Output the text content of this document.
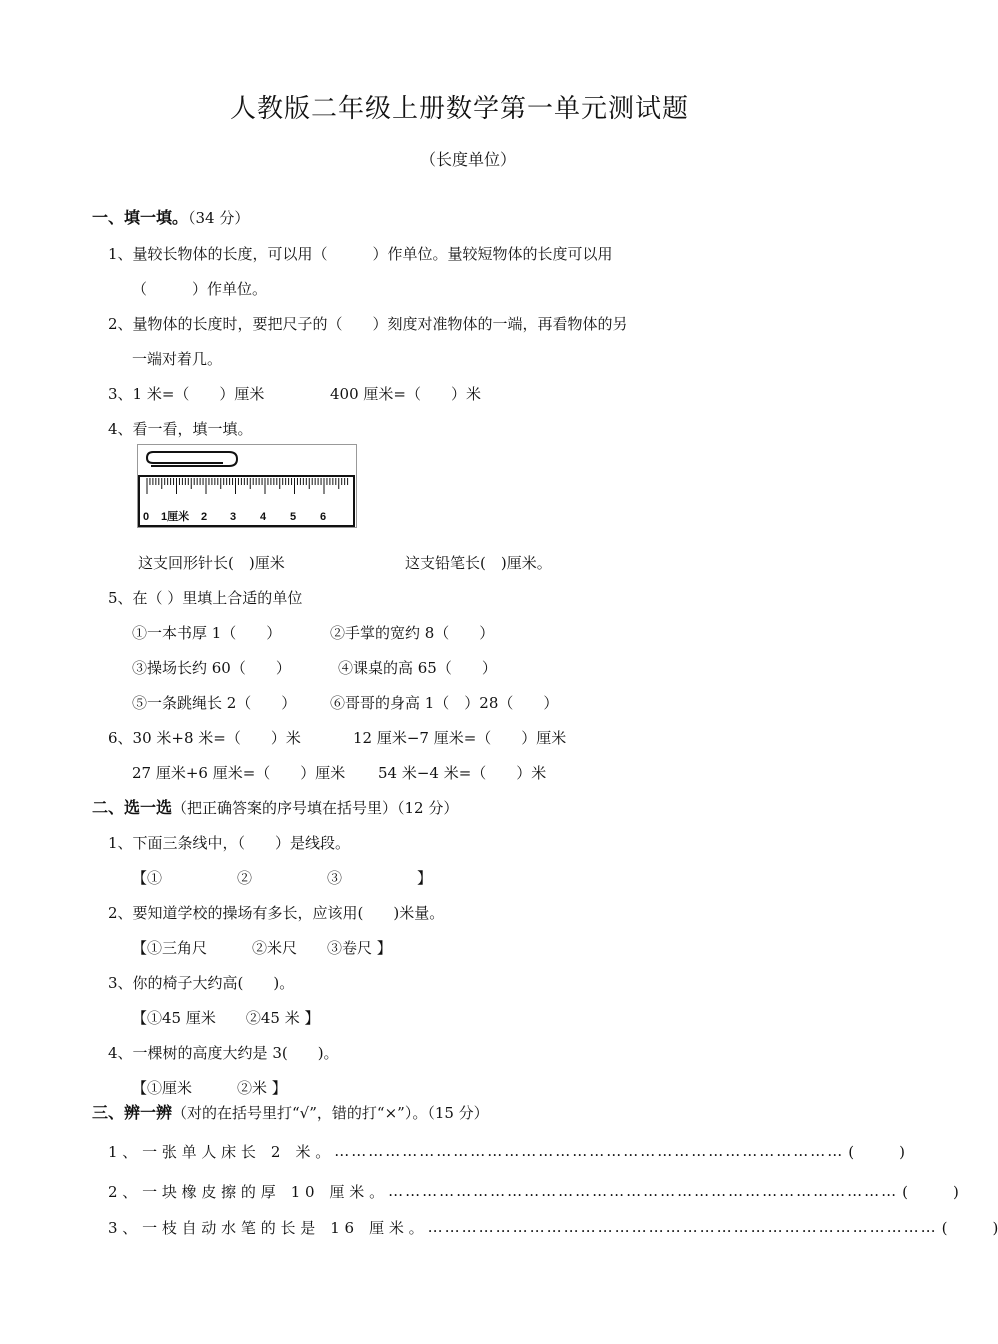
人教版二年级上册数学第一单元测试题
（长度单位）
一、填一填。（34 分）
1、量较长物体的长度，可以用（　　　）作单位。量较短物体的长度可以用
（　　　）作单位。
2、量物体的长度时，要把尺子的（　　）刻度对准物体的一端，再看物体的另
一端对着几。
3、1 米=（　　）厘米	400 厘米=（　　）米
4、看一看，填一填。
0 1厘米 2 3 4 5 6
这支回形针长(　)厘米	这支铅笔长(　)厘米。
5、在（ ）里填上合适的单位
①一本书厚 1（　　）	②手掌的宽约 8（　　）
③操场长约 60（　　）	④课桌的高 65（　　）
⑤一条跳绳长 2（　　） ⑥哥哥的身高 1（　）28（　　）
6、30 米+8 米=（　　）米	12 厘米−7 厘米=（　　）厘米
27 厘米+6 厘米=（　　）厘米 54 米−4 米=（　　）米
二、选一选（把正确答案的序号填在括号里）（12 分）
1、下面三条线中，（　　）是线段。
【①　　　　　②　　　　　③　　　　　】
2、要知道学校的操场有多长，应该用(　　)米量。
【①三角尺　　　②米尺　　③卷尺 】
3、你的椅子大约高(　　)。
【①45 厘米　　②45 米 】
4、一棵树的高度大约是 3(　　)。
【①厘米　　　②米 】
三、辨一辨（对的在括号里打“√”，错的打“×”）。（15 分）
1 、 一 张 单 人 床 长　2　米 。 ……………………………………………………………………………… (　　　)
2 、 一 块 橡 皮 擦 的 厚　1 0　厘 米 。 ……………………………………………………………………………… (　　　)
3 、 一 枝 自 动 水 笔 的 长 是　1 6　厘 米 。 ……………………………………………………………………………… (　　　)
